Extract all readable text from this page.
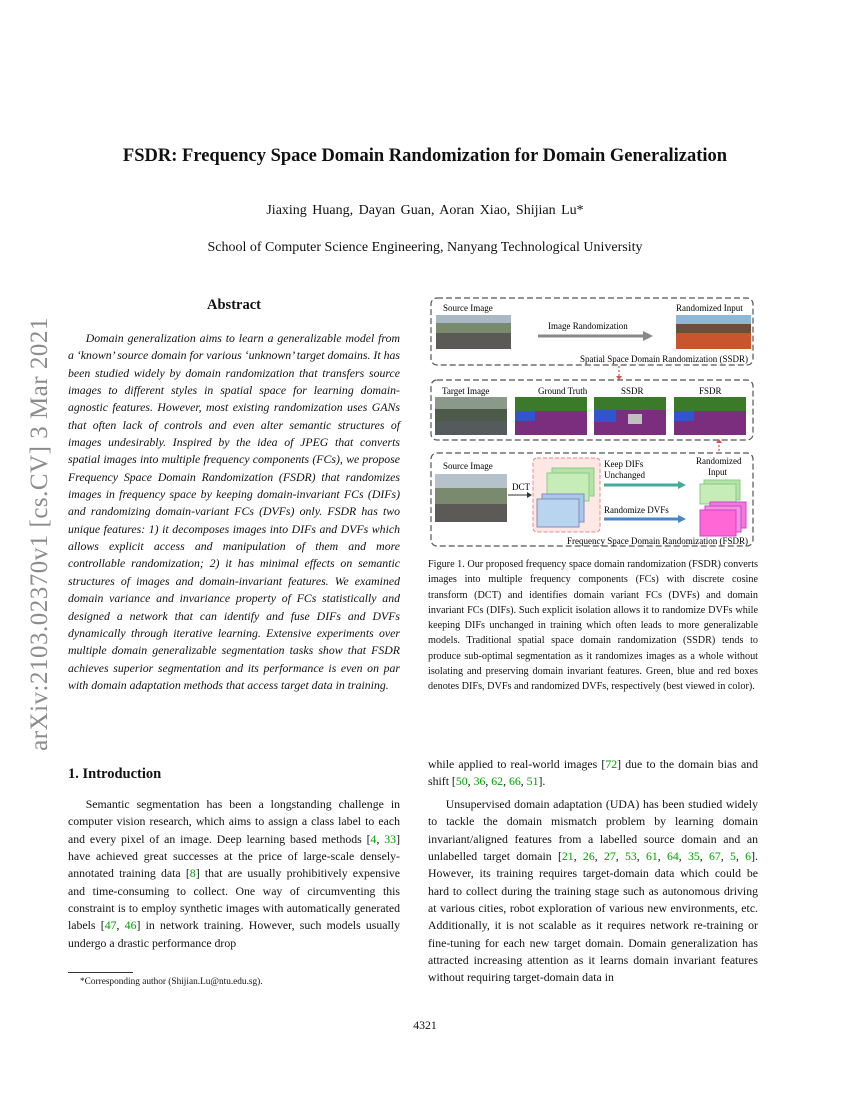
FSDR: Frequency Space Domain Randomization for Domain Generalization
Jiaxing Huang, Dayan Guan, Aoran Xiao, Shijian Lu*
School of Computer Science Engineering, Nanyang Technological University
arXiv:2103.02370v1 [cs.CV] 3 Mar 2021
Abstract
Domain generalization aims to learn a generalizable model from a ‘known’ source domain for various ‘unknown’ target domains. It has been studied widely by domain randomization that transfers source images to different styles in spatial space for learning domain-agnostic features. However, most existing randomization uses GANs that often lack of controls and even alter semantic structures of images undesirably. Inspired by the idea of JPEG that converts spatial images into multiple frequency components (FCs), we propose Frequency Space Domain Randomization (FSDR) that randomizes images in frequency space by keeping domain-invariant FCs (DIFs) and randomizing domain-variant FCs (DVFs) only. FSDR has two unique features: 1) it decomposes images into DIFs and DVFs which allows explicit access and manipulation of them and more controllable randomization; 2) it has minimal effects on semantic structures of images and domain-invariant features. We examined domain variance and invariance property of FCs statistically and designed a network that can identify and fuse DIFs and DVFs dynamically through iterative learning. Extensive experiments over multiple domain generalizable segmentation tasks show that FSDR achieves superior segmentation and its performance is even on par with domain adaptation methods that access target data in training.
1. Introduction
Semantic segmentation has been a longstanding challenge in computer vision research, which aims to assign a class label to each and every pixel of an image. Deep learning based methods [4, 33] have achieved great successes at the price of large-scale densely-annotated training data [8] that are usually prohibitively expensive and time-consuming to collect. One way of circumventing this constraint is to employ synthetic images with automatically generated labels [47, 46] in network training. However, such models usually undergo a drastic performance drop
*Corresponding author (Shijian.Lu@ntu.edu.sg).
4321
Source Image
Image Randomization
Randomized Input
Spatial Space Domain Randomization (SSDR)
Target Image	Ground Truth	SSDR	FSDR
Source Image
DCT
Keep DIFs
Unchanged
Randomize DVFs
Randomized
Input
Frequency Space Domain Randomization (FSDR)
Figure 1. Our proposed frequency space domain randomization (FSDR) converts images into multiple frequency components (FCs) with discrete cosine transform (DCT) and identifies domain variant FCs (DVFs) and domain invariant FCs (DIFs). Such explicit isolation allows it to randomize DVFs while keeping DIFs unchanged in training which often leads to more generalizable models. Traditional spatial space domain randomization (SSDR) tends to produce sub-optimal segmentation as it randomizes images as a whole without isolating and preserving domain invariant features. Green, blue and red boxes denotes DIFs, DVFs and randomized DVFs, respectively (best viewed in color).
while applied to real-world images [72] due to the domain bias and shift [50, 36, 62, 66, 51].
Unsupervised domain adaptation (UDA) has been studied widely to tackle the domain mismatch problem by learning domain invariant/aligned features from a labelled source domain and an unlabelled target domain [21, 26, 27, 53, 61, 64, 35, 67, 5, 6]. However, its training requires target-domain data which could be hard to collect during the training stage such as autonomous driving at various cities, robot exploration of various new environments, etc. Additionally, it is not scalable as it requires network re-training or fine-tuning for each new target domain. Domain generalization has attracted increasing attention as it learns domain invariant features without requiring target-domain data in
